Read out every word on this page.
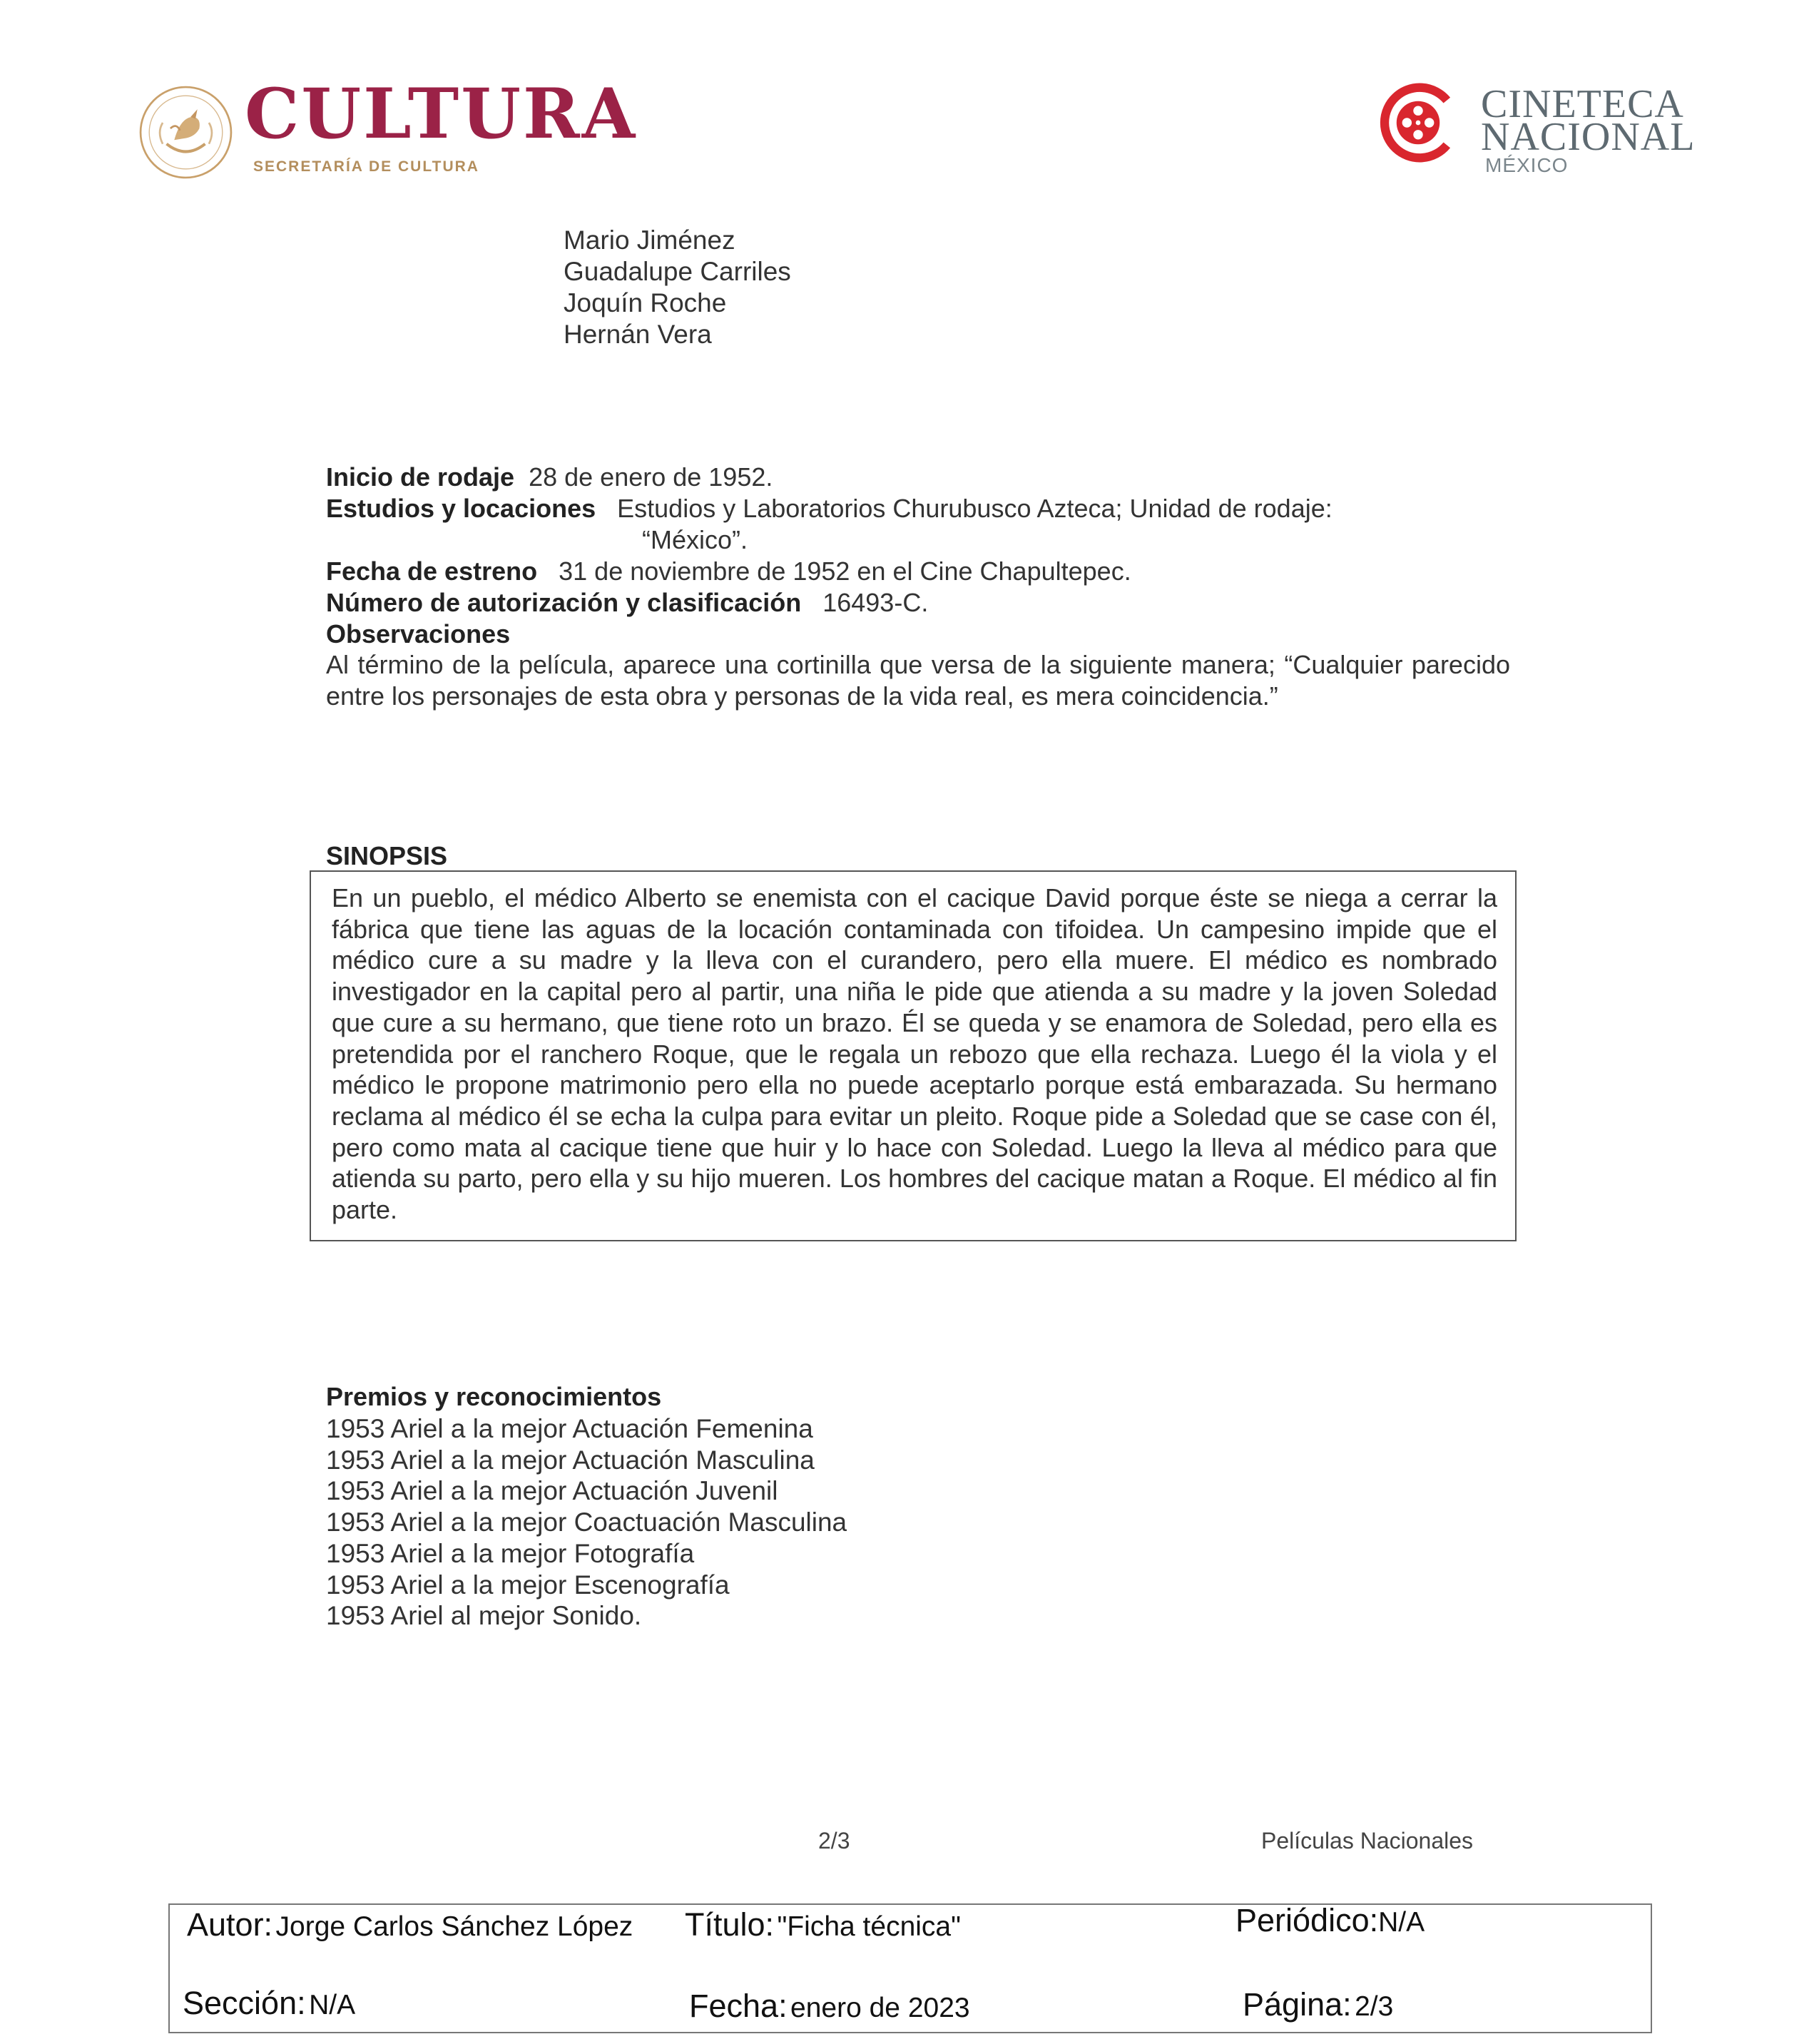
CULTURA
SECRETARÍA DE CULTURA
CINETECA
NACIONAL
MÉXICO
Mario Jiménez
Guadalupe Carriles
Joquín Roche
Hernán Vera
Inicio de rodaje 28 de enero de 1952.
Estudios y locaciones Estudios y Laboratorios Churubusco Azteca; Unidad de rodaje:
“México”.
Fecha de estreno 31 de noviembre de 1952 en el Cine Chapultepec.
Número de autorización y clasificación 16493-C.
Observaciones
Al término de la película, aparece una cortinilla que versa de la siguiente manera; “Cualquier parecido entre los personajes de esta obra y personas de la vida real, es mera coincidencia.”
SINOPSIS
En un pueblo, el médico Alberto se enemista con el cacique David porque éste se niega a cerrar la fábrica que tiene las aguas de la locación contaminada con tifoidea. Un campesino impide que el médico cure a su madre y la lleva con el curandero, pero ella muere. El médico es nombrado investigador en la capital pero al partir, una niña le pide que atienda a su madre y la joven Soledad que cure a su hermano, que tiene roto un brazo. Él se queda y se enamora de Soledad, pero ella es pretendida por el ranchero Roque, que le regala un rebozo que ella rechaza. Luego él la viola y el médico le propone matrimonio pero ella no puede aceptarlo porque está embarazada. Su hermano reclama al médico él se echa la culpa para evitar un pleito. Roque pide a Soledad que se case con él, pero como mata al cacique tiene que huir y lo hace con Soledad. Luego la lleva al médico para que atienda su parto, pero ella y su hijo mueren. Los hombres del cacique matan a Roque. El médico al fin parte.
Premios y reconocimientos
1953 Ariel a la mejor Actuación Femenina
1953 Ariel a la mejor Actuación Masculina
1953 Ariel a la mejor Actuación Juvenil
1953 Ariel a la mejor Coactuación Masculina
1953 Ariel a la mejor Fotografía
1953 Ariel a la mejor Escenografía
1953 Ariel al mejor Sonido.
2/3	Películas Nacionales
Autor: Jorge Carlos Sánchez López Título: "Ficha técnica"	Periódico:N/A
Sección: N/A	Fecha: enero de 2023	Página: 2/3
